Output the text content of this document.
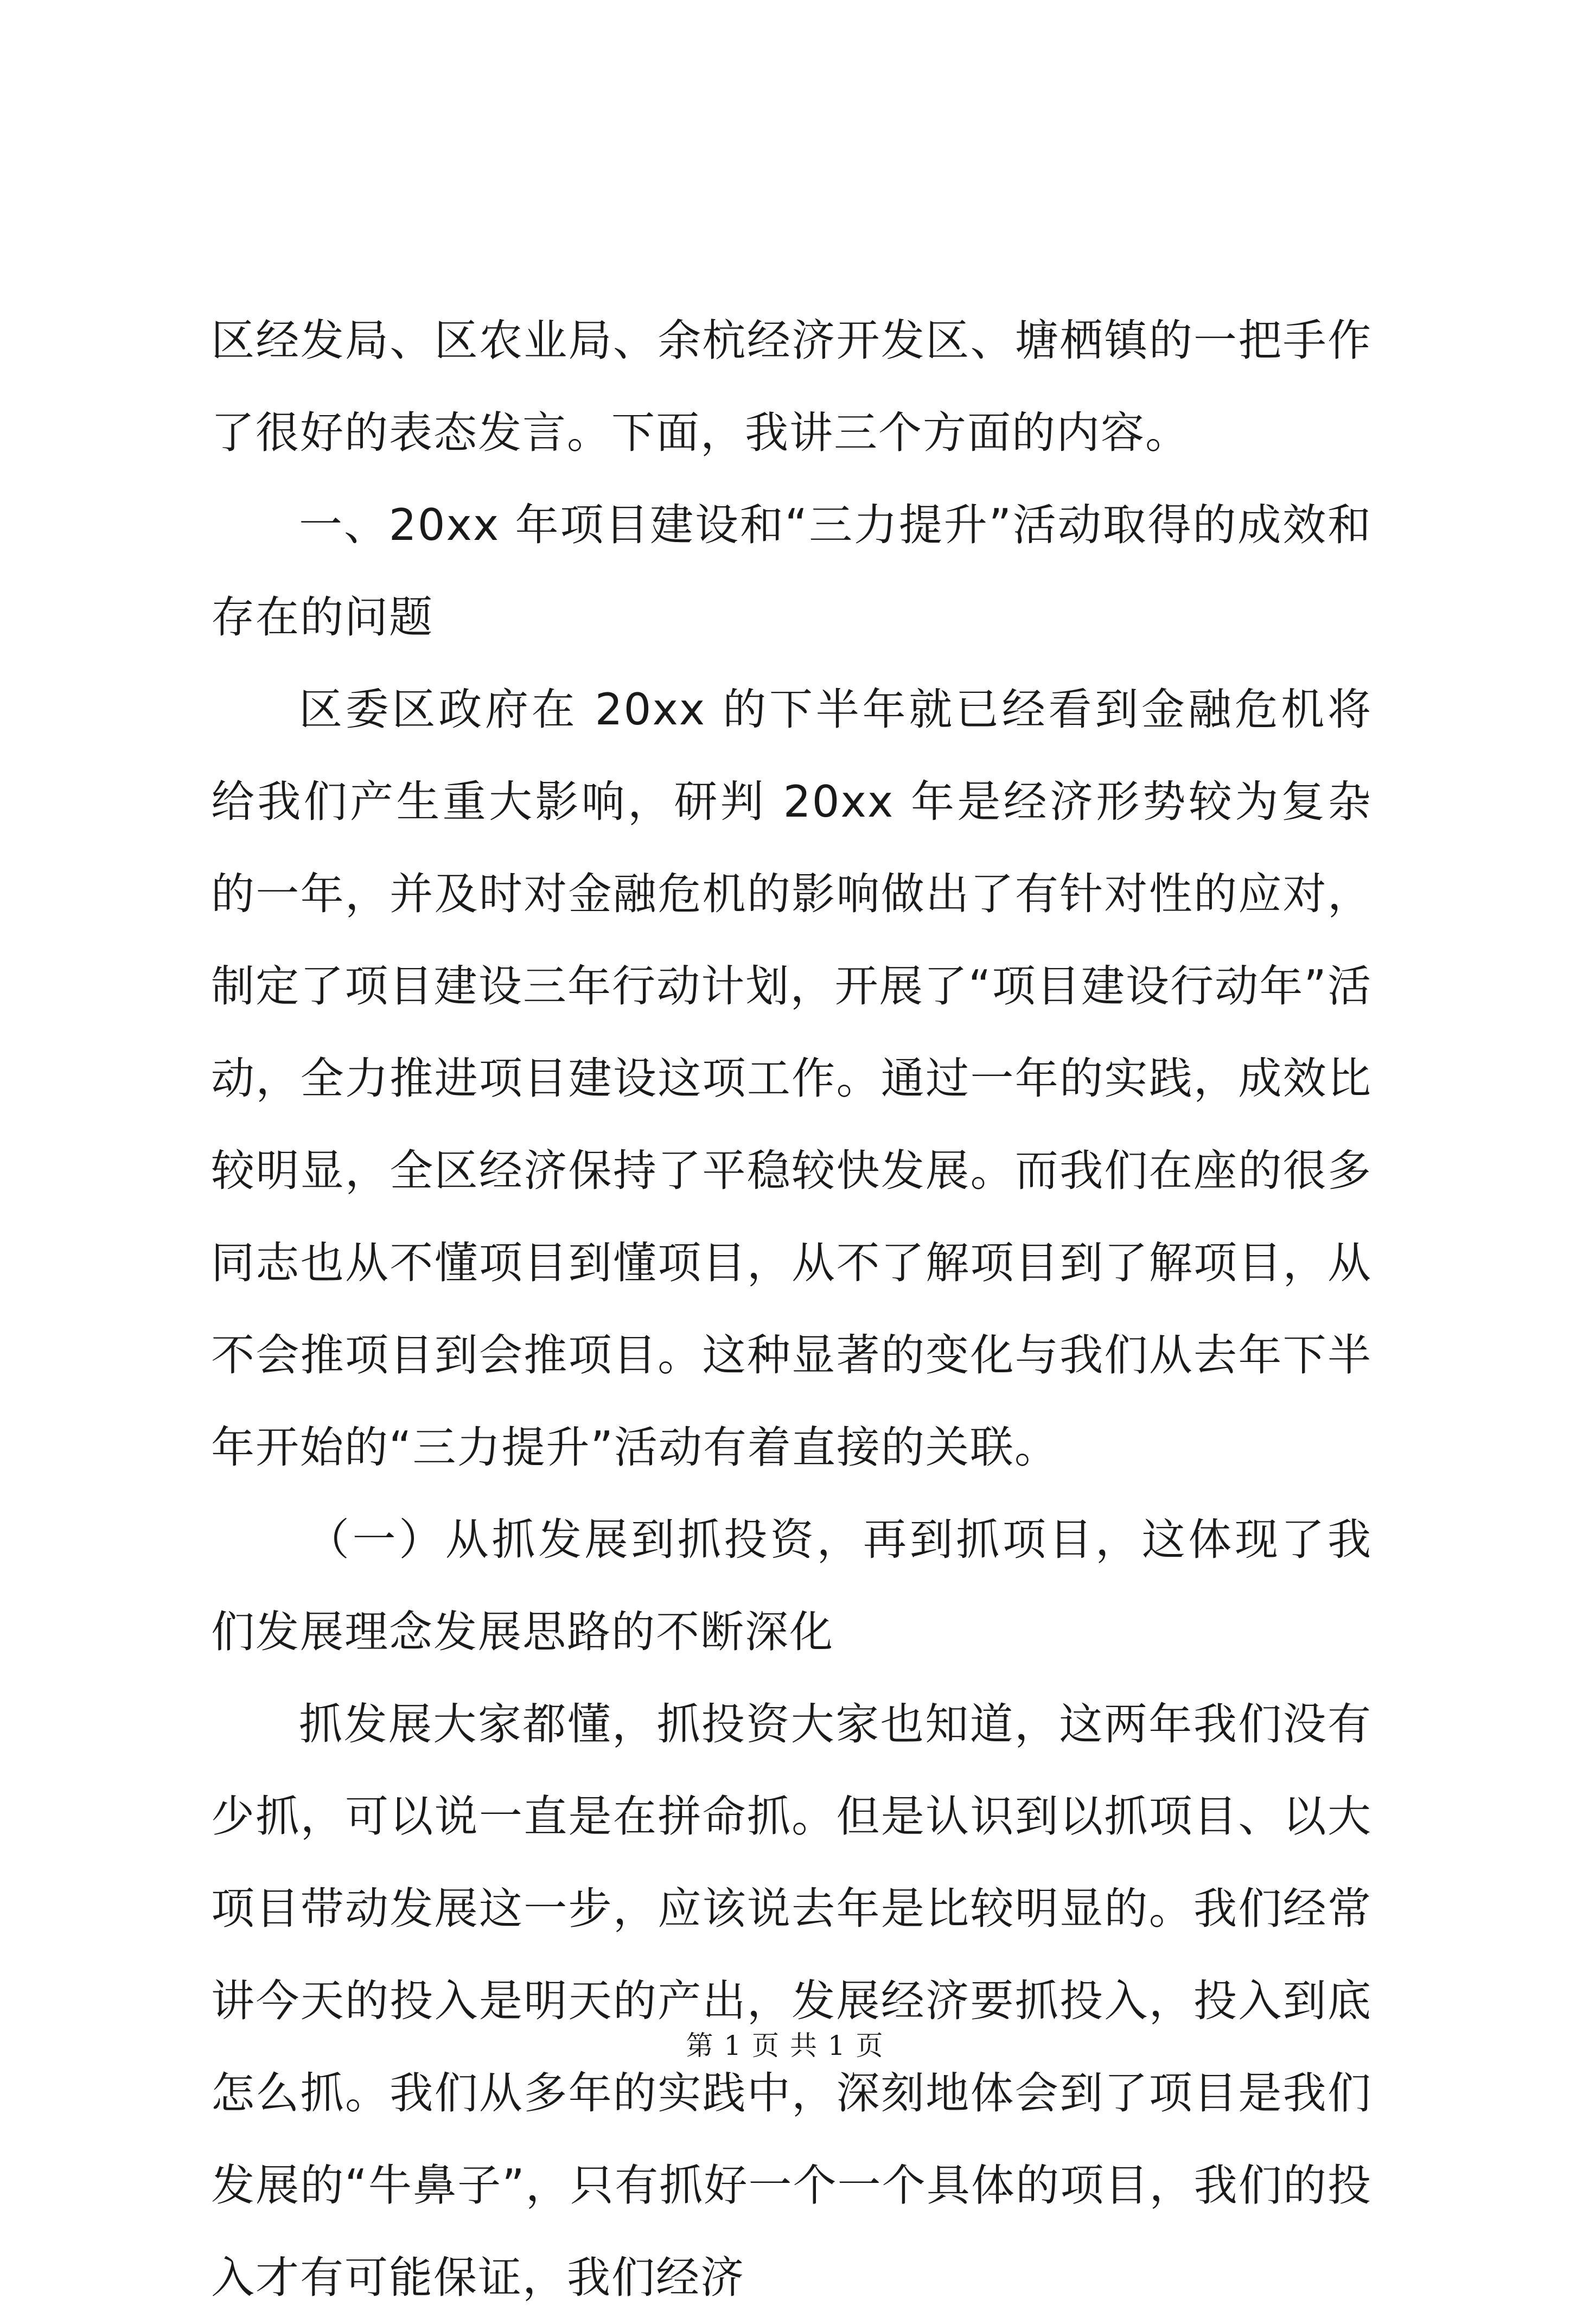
区经发局、区农业局、余杭经济开发区、塘栖镇的一把手作了很好的表态发言。下面，我讲三个方面的内容。

一、20xx 年项目建设和“三力提升”活动取得的成效和存在的问题

区委区政府在 20xx 的下半年就已经看到金融危机将给我们产生重大影响，研判 20xx 年是经济形势较为复杂的一年，并及时对金融危机的影响做出了有针对性的应对，制定了项目建设三年行动计划，开展了“项目建设行动年”活动，全力推进项目建设这项工作。通过一年的实践，成效比较明显，全区经济保持了平稳较快发展。而我们在座的很多同志也从不懂项目到懂项目，从不了解项目到了解项目，从不会推项目到会推项目。这种显著的变化与我们从去年下半年开始的“三力提升”活动有着直接的关联。

（一）从抓发展到抓投资，再到抓项目，这体现了我们发展理念发展思路的不断深化

抓发展大家都懂，抓投资大家也知道，这两年我们没有少抓，可以说一直是在拼命抓。但是认识到以抓项目、以大项目带动发展这一步，应该说去年是比较明显的。我们经常讲今天的投入是明天的产出，发展经济要抓投入，投入到底怎么抓。我们从多年的实践中，深刻地体会到了项目是我们发展的“牛鼻子”，只有抓好一个一个具体的项目，我们的投入才有可能保证，我们经济

第 1 页 共 1 页
